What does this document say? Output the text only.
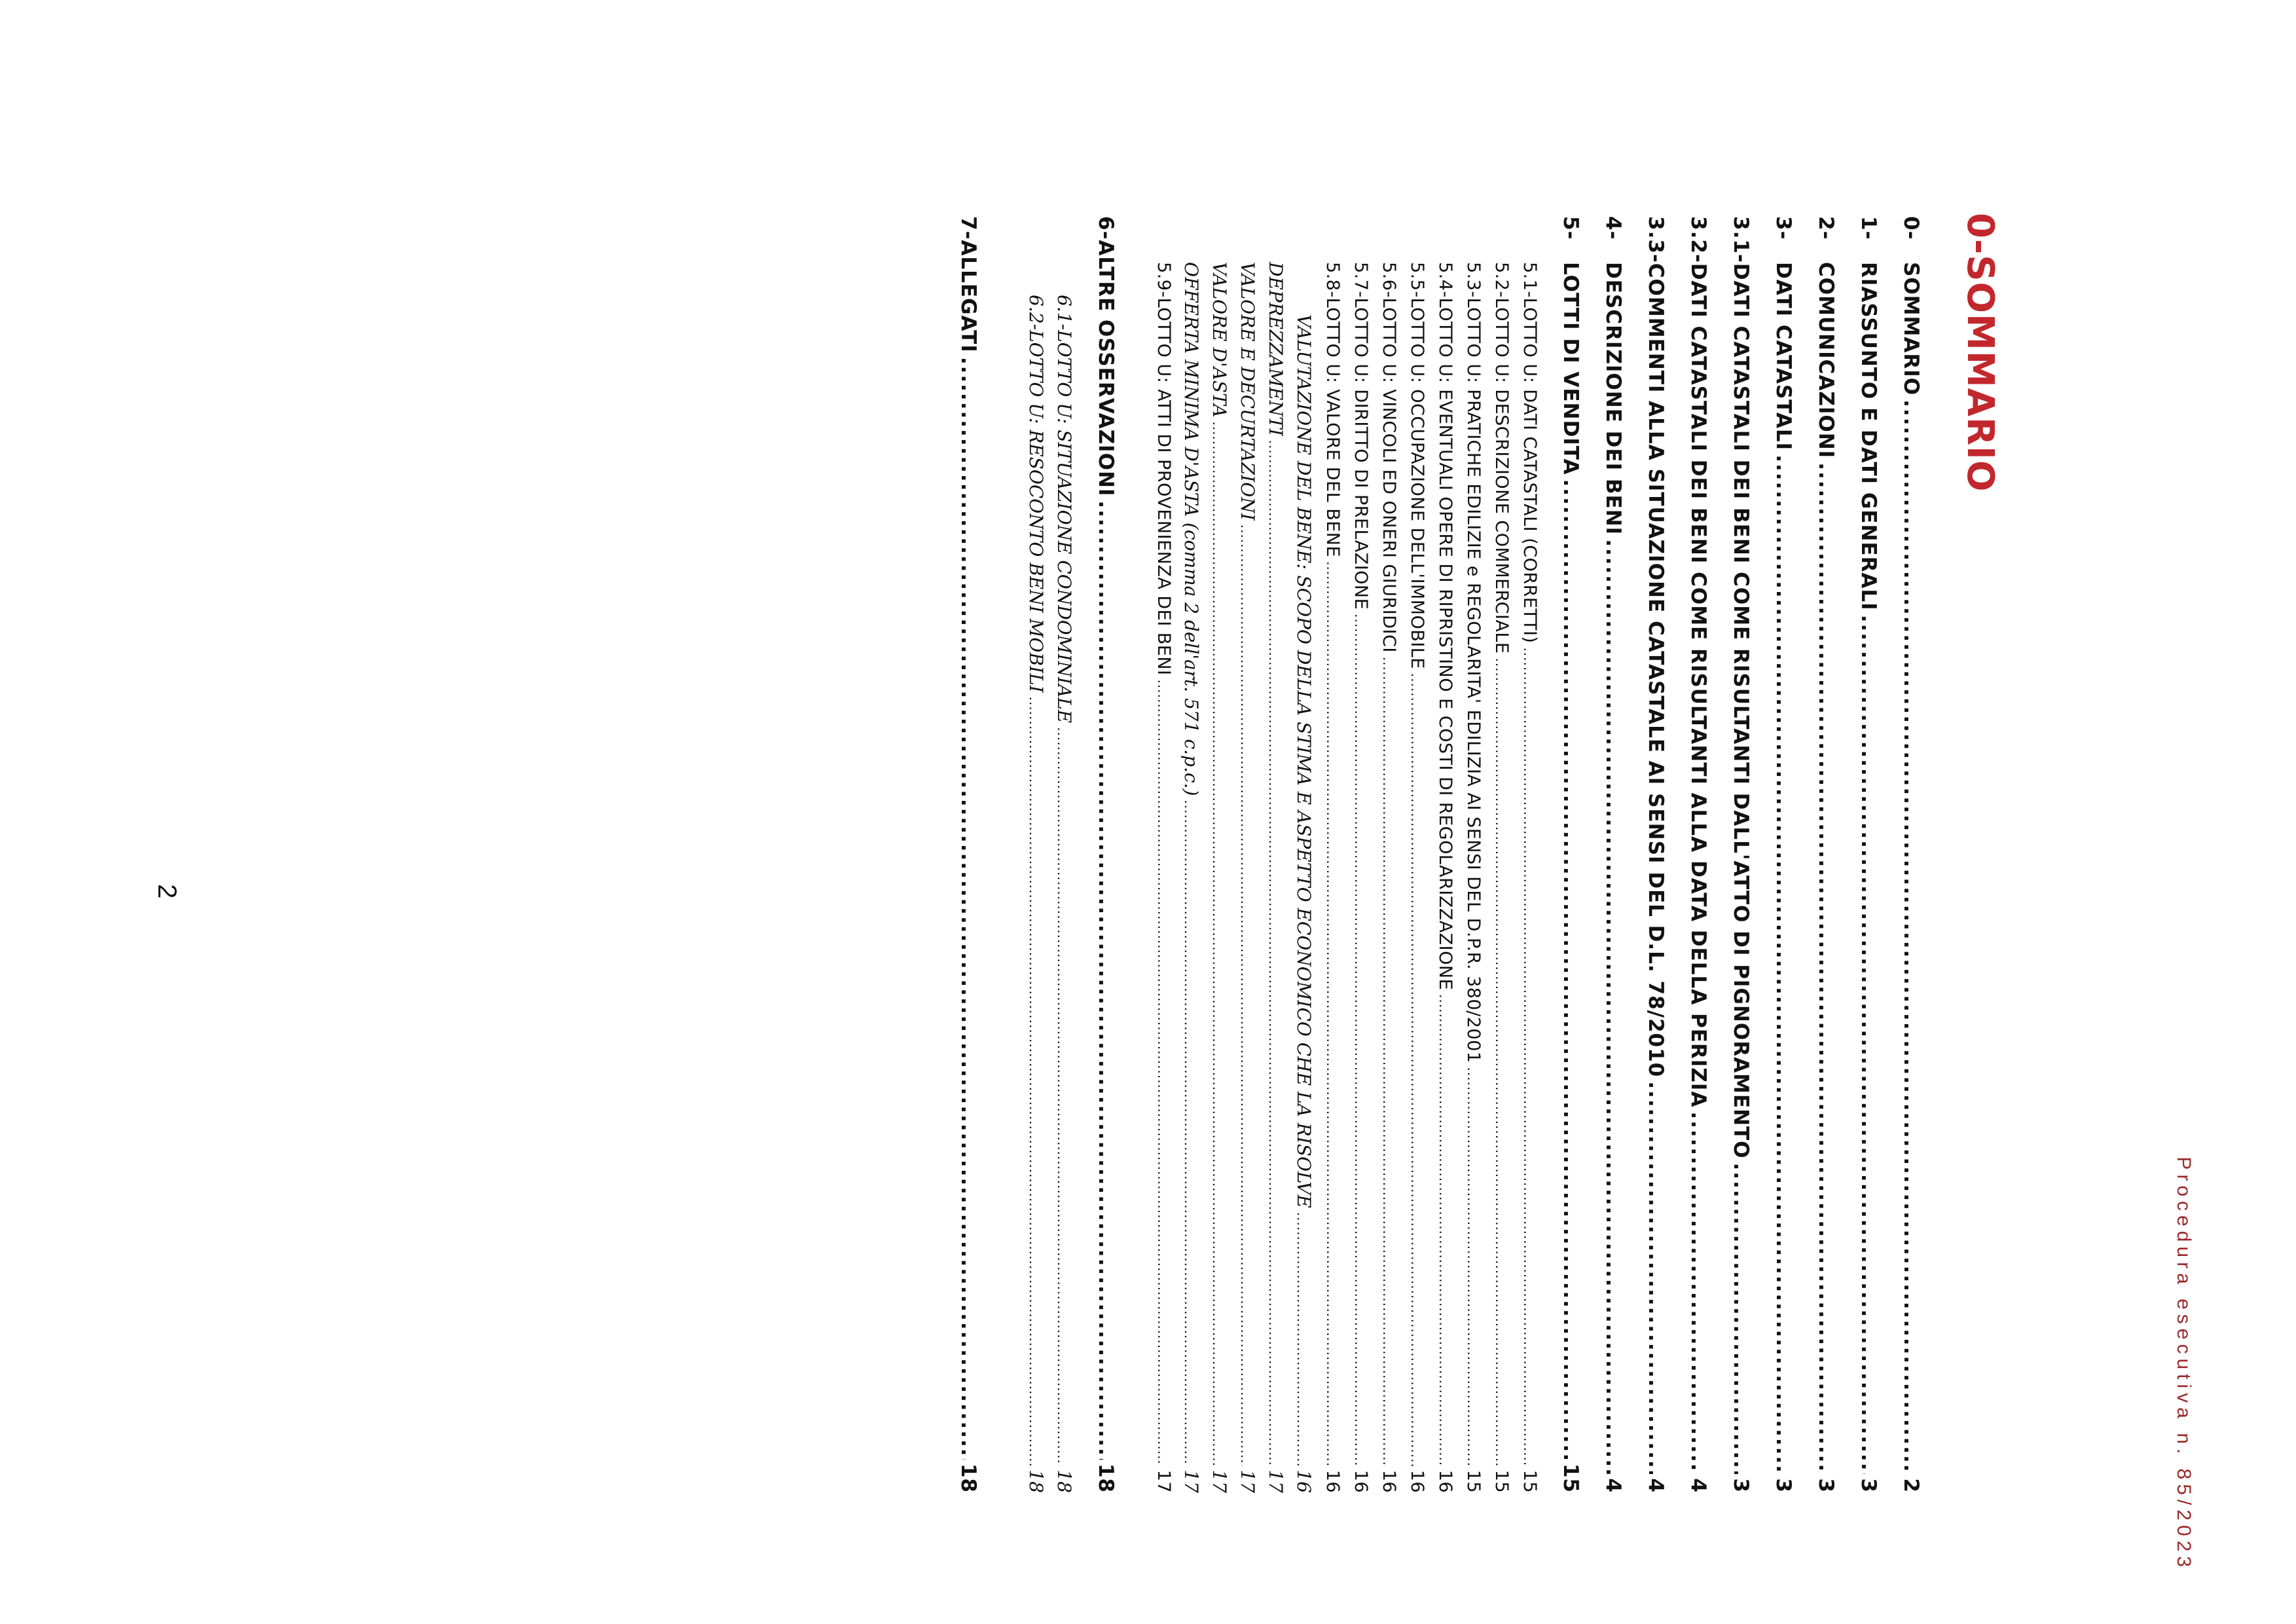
Procedura esecutiva n. 85/2023
0-SOMMARIO
0-
SOMMARIO
.....
2
1-
RIASSUNTO E DATI GENERALI
.....
3
2-
COMUNICAZIONI
.....
3
3-
DATI CATASTALI
.....
3
3.1-DATI CATASTALI DEI BENI COME RISULTANTI DALL'ATTO DI PIGNORAMENTO
.....
3
3.2-DATI CATASTALI DEI BENI COME RISULTANTI ALLA DATA DELLA PERIZIA
.....
4
3.3-COMMENTI ALLA SITUAZIONE CATASTALE AI SENSI DEL D.L. 78/2010
.....
4
4-
DESCRIZIONE DEI BENI
.....
4
5-
LOTTI DI VENDITA
.....
15
5.1-LOTTO U: DATI CATASTALI (CORRETTI)
.....
15
5.2-LOTTO U: DESCRIZIONE COMMERCIALE
.....
15
5.3-LOTTO U: PRATICHE EDILIZIE e REGOLARITA' EDILIZIA AI SENSI DEL D.P.R. 380/2001
.....
15
5.4-LOTTO U: EVENTUALI OPERE DI RIPRISTINO E COSTI DI REGOLARIZZAZIONE
.....
16
5.5-LOTTO U: OCCUPAZIONE DELL'IMMOBILE
.....
16
5.6-LOTTO U: VINCOLI ED ONERI GIURIDICI
.....
16
5.7-LOTTO U: DIRITTO DI PRELAZIONE
.....
16
5.8-LOTTO U: VALORE DEL BENE
.....
16
VALUTAZIONE DEL BENE: SCOPO DELLA STIMA E ASPETTO ECONOMICO CHE LA RISOLVE
.....
16
DEPREZZAMENTI
.....
17
VALORE E DECURTAZIONI
.....
17
VALORE D'ASTA
.....
17
OFFERTA MINIMA D'ASTA (comma 2 dell'art. 571 c.p.c.)
.....
17
5.9-LOTTO U: ATTI DI PROVENIENZA DEI BENI
.....
17
6-ALTRE OSSERVAZIONI
.....
18
6.1-LOTTO U: SITUAZIONE CONDOMINIALE
.....
18
6.2-LOTTO U: RESOCONTO BENI MOBILI
.....
18
7-ALLEGATI
.....
18
2
